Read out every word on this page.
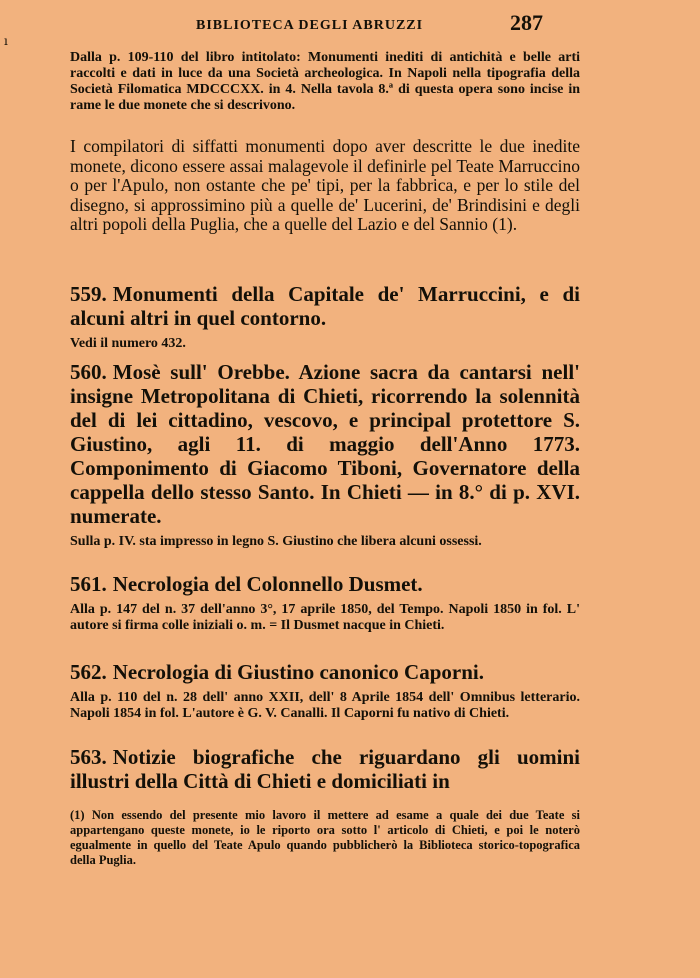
ı
BIBLIOTECA DEGLI ABRUZZI	287

Dalla p. 109-110 del libro intitolato: Monumenti inediti di antichità e belle arti raccolti e dati in luce da una Società archeologica. In Napoli nella tipografia della Società Filomatica MDCCCXX. in 4. Nella tavola 8.ª di questa opera sono incise in rame le due monete che si descrivono.

I compilatori di siffatti monumenti dopo aver descritte le due inedite monete, dicono essere assai malagevole il definirle pel Teate Marruccino o per l'Apulo, non ostante che pe' tipi, per la fabbrica, e per lo stile del disegno, si approssimino più a quelle de' Lucerini, de' Brindisini e degli altri popoli della Puglia, che a quelle del Lazio e del Sannio (1).

559. Monumenti della Capitale de' Marruccini, e di alcuni altri in quel contorno.

Vedi il numero 432.

560. Mosè sull' Orebbe. Azione sacra da cantarsi nell' insigne Metropolitana di Chieti, ricorrendo la solennità del di lei cittadino, vescovo, e principal protettore S. Giustino, agli 11. di maggio dell'Anno 1773. Componimento di Giacomo Tiboni, Governatore della cappella dello stesso Santo. In Chieti — in 8.° di p. XVI. numerate.

Sulla p. IV. sta impresso in legno S. Giustino che libera alcuni ossessi.

561. Necrologia del Colonnello Dusmet.

Alla p. 147 del n. 37 dell'anno 3°, 17 aprile 1850, del Tempo. Napoli 1850 in fol. L' autore si firma colle iniziali o. m. = Il Dusmet nacque in Chieti.

562. Necrologia di Giustino canonico Caporni.

Alla p. 110 del n. 28 dell' anno XXII, dell' 8 Aprile 1854 dell' Omnibus letterario. Napoli 1854 in fol. L'autore è G. V. Canalli. Il Caporni fu nativo di Chieti.

563. Notizie biografiche che riguardano gli uomini illustri della Città di Chieti e domiciliati in

(1) Non essendo del presente mio lavoro il mettere ad esame a quale dei due Teate si appartengano queste monete, io le riporto ora sotto l' articolo di Chieti, e poi le noterò egualmente in quello del Teate Apulo quando pubblicherò la Biblioteca storico-topografica della Puglia.
